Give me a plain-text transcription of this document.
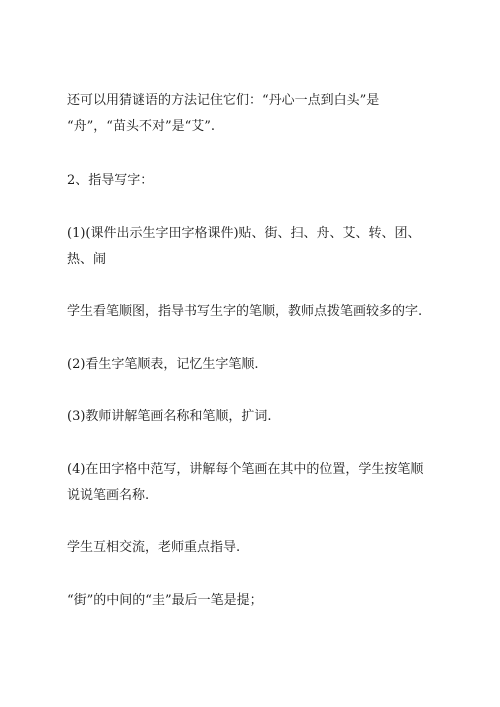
还可以用猜谜语的方法记住它们：“丹心一点到白头”是
“舟”，“苗头不对”是“艾”.
2、指导写字：
(1)(课件出示生字田字格课件)贴、街、扫、舟、艾、转、团、
热、闹
学生看笔顺图，指导书写生字的笔顺，教师点拨笔画较多的字.
(2)看生字笔顺表，记忆生字笔顺.
(3)教师讲解笔画名称和笔顺，扩词.
(4)在田字格中范写，讲解每个笔画在其中的位置，学生按笔顺
说说笔画名称.
学生互相交流，老师重点指导.
“街”的中间的“圭”最后一笔是提；
